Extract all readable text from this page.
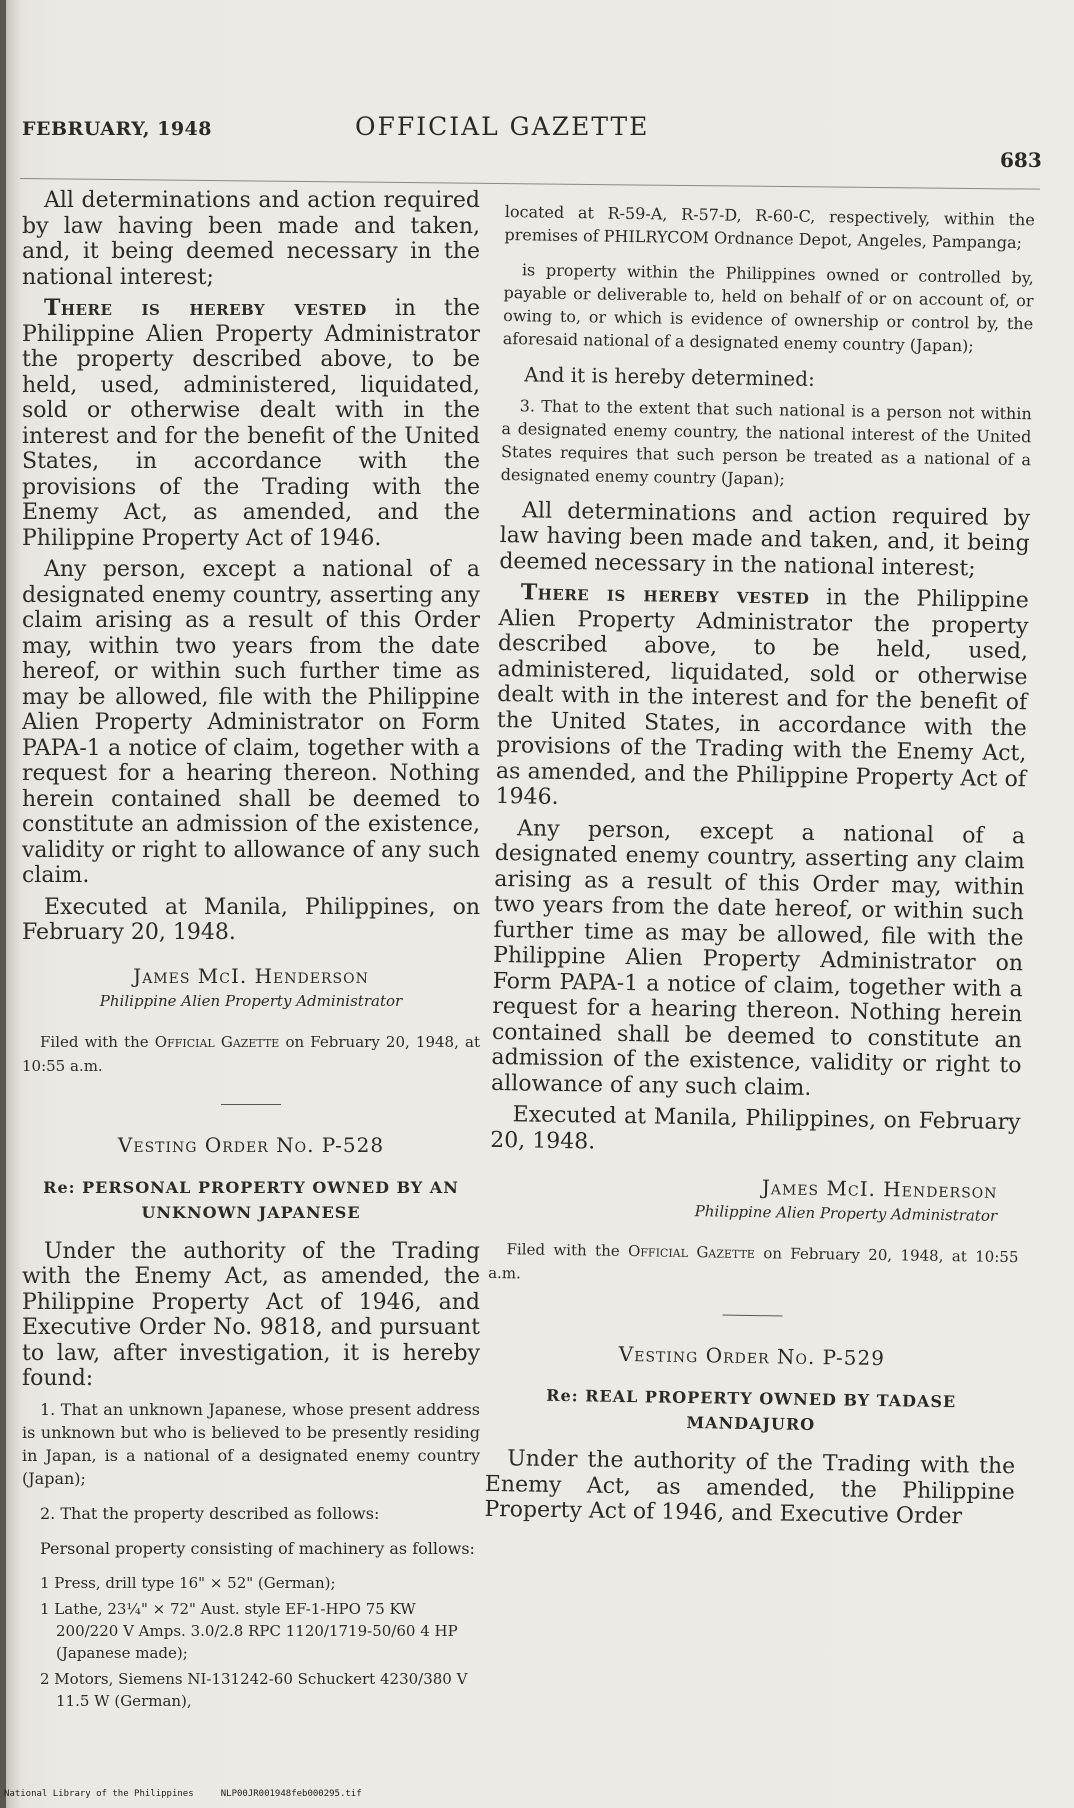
FEBRUARY, 1948	OFFICIAL GAZETTE
683

All determinations and action required by law having been made and taken, and, it being deemed necessary in the national interest;

There is hereby vested in the Philippine Alien Property Administrator the property described above, to be held, used, administered, liquidated, sold or otherwise dealt with in the interest and for the benefit of the United States, in accordance with the provisions of the Trading with the Enemy Act, as amended, and the Philippine Property Act of 1946.

Any person, except a national of a designated enemy country, asserting any claim arising as a result of this Order may, within two years from the date hereof, or within such further time as may be allowed, file with the Philippine Alien Property Administrator on Form PAPA-1 a notice of claim, together with a request for a hearing thereon. Nothing herein contained shall be deemed to constitute an admission of the existence, validity or right to allowance of any such claim.

Executed at Manila, Philippines, on February 20, 1948.

James McI. Henderson
Philippine Alien Property Administrator

Filed with the Official Gazette on February 20, 1948, at 10:55 a.m.

Vesting Order No. P-528
Re: PERSONAL PROPERTY OWNED BY AN UNKNOWN JAPANESE

Under the authority of the Trading with the Enemy Act, as amended, the Philippine Property Act of 1946, and Executive Order No. 9818, and pursuant to law, after investigation, it is hereby found:

1. That an unknown Japanese, whose present address is unknown but who is believed to be presently residing in Japan, is a national of a designated enemy country (Japan);

2. That the property described as follows:

Personal property consisting of machinery as follows:

1 Press, drill type 16" × 52" (German);
1 Lathe, 23¼" × 72" Aust. style EF-1-HPO 75 KW 200/220 V Amps. 3.0/2.8 RPC 1120/1719-50/60 4 HP (Japanese made);
2 Motors, Siemens NI-131242-60 Schuckert 4230/380 V 11.5 W (German),

located at R-59-A, R-57-D, R-60-C, respectively, within the premises of PHILRYCOM Ordnance Depot, Angeles, Pampanga;

is property within the Philippines owned or controlled by, payable or deliverable to, held on behalf of or on account of, or owing to, or which is evidence of ownership or control by, the aforesaid national of a designated enemy country (Japan);

And it is hereby determined:

3. That to the extent that such national is a person not within a designated enemy country, the national interest of the United States requires that such person be treated as a national of a designated enemy country (Japan);

All determinations and action required by law having been made and taken, and, it being deemed necessary in the national interest;

There is hereby vested in the Philippine Alien Property Administrator the property described above, to be held, used, administered, liquidated, sold or otherwise dealt with in the interest and for the benefit of the United States, in accordance with the provisions of the Trading with the Enemy Act, as amended, and the Philippine Property Act of 1946.

Any person, except a national of a designated enemy country, asserting any claim arising as a result of this Order may, within two years from the date hereof, or within such further time as may be allowed, file with the Philippine Alien Property Administrator on Form PAPA-1 a notice of claim, together with a request for a hearing thereon. Nothing herein contained shall be deemed to constitute an admission of the existence, validity or right to allowance of any such claim.

Executed at Manila, Philippines, on February 20, 1948.

James McI. Henderson
Philippine Alien Property Administrator

Filed with the Official Gazette on February 20, 1948, at 10:55 a.m.

Vesting Order No. P-529
Re: REAL PROPERTY OWNED BY TADASE MANDAJURO

Under the authority of the Trading with the Enemy Act, as amended, the Philippine Property Act of 1946, and Executive Order

National Library of the Philippines	NLP00JR001948feb000295.tif
